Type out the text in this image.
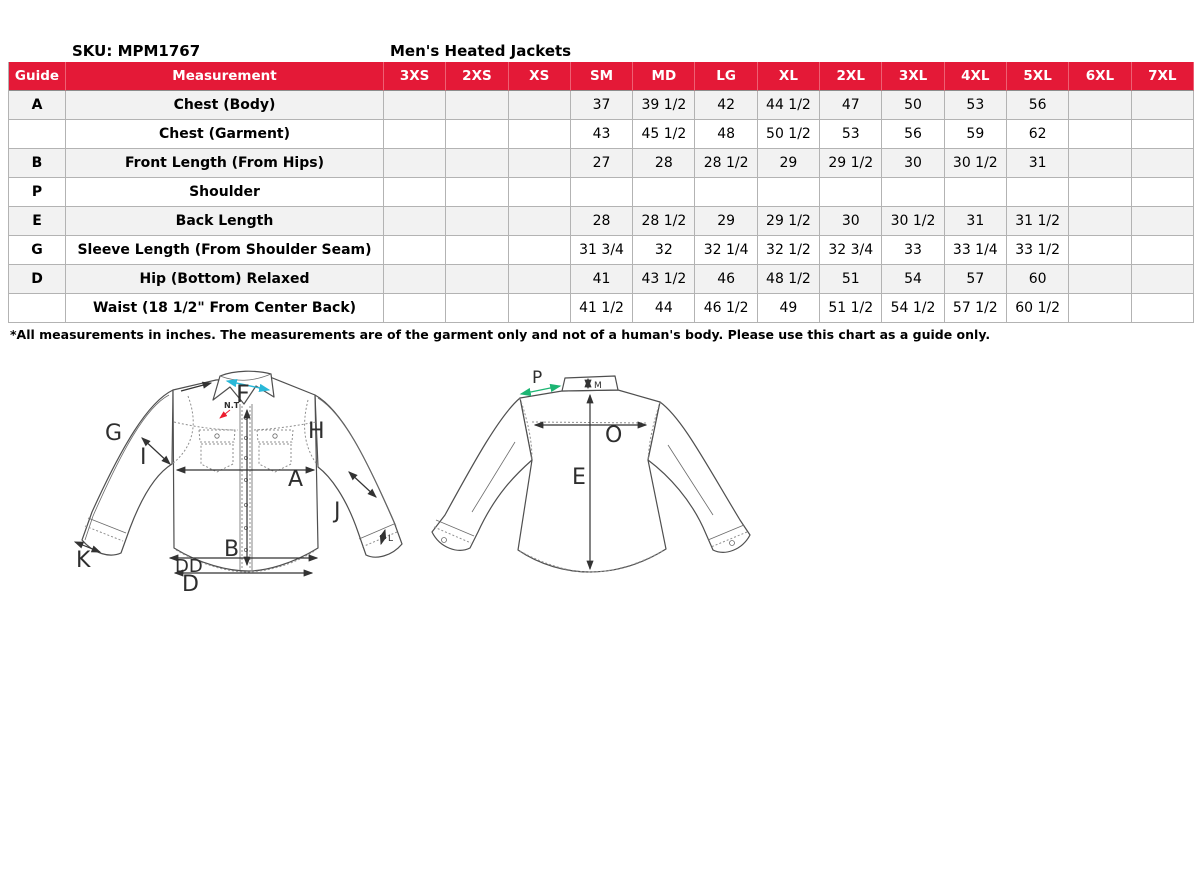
SKU: MPM1767	Men's Heated Jackets
Guide	Measurement	3XS	2XS	XS	SM	MD	LG	XL	2XL	3XL	4XL	5XL	6XL	7XL
A	Chest (Body)				37	39 1/2	42	44 1/2	47	50	53	56		
	Chest (Garment)				43	45 1/2	48	50 1/2	53	56	59	62		
B	Front Length (From Hips)				27	28	28 1/2	29	29 1/2	30	30 1/2	31		
P	Shoulder													
E	Back Length				28	28 1/2	29	29 1/2	30	30 1/2	31	31 1/2		
G	Sleeve Length (From Shoulder Seam)				31 3/4	32	32 1/4	32 1/2	32 3/4	33	33 1/4	33 1/2		
D	Hip (Bottom) Relaxed				41	43 1/2	46	48 1/2	51	54	57	60		
	Waist (18 1/2" From Center Back)				41 1/2	44	46 1/2	49	51 1/2	54 1/2	57 1/2	60 1/2		
*All measurements in inches. The measurements are of the garment only and not of a human's body. Please use this chart as a guide only.
G
I
F
N.T
H
A
J
B
K	DD
D
L
P	M
O
E
